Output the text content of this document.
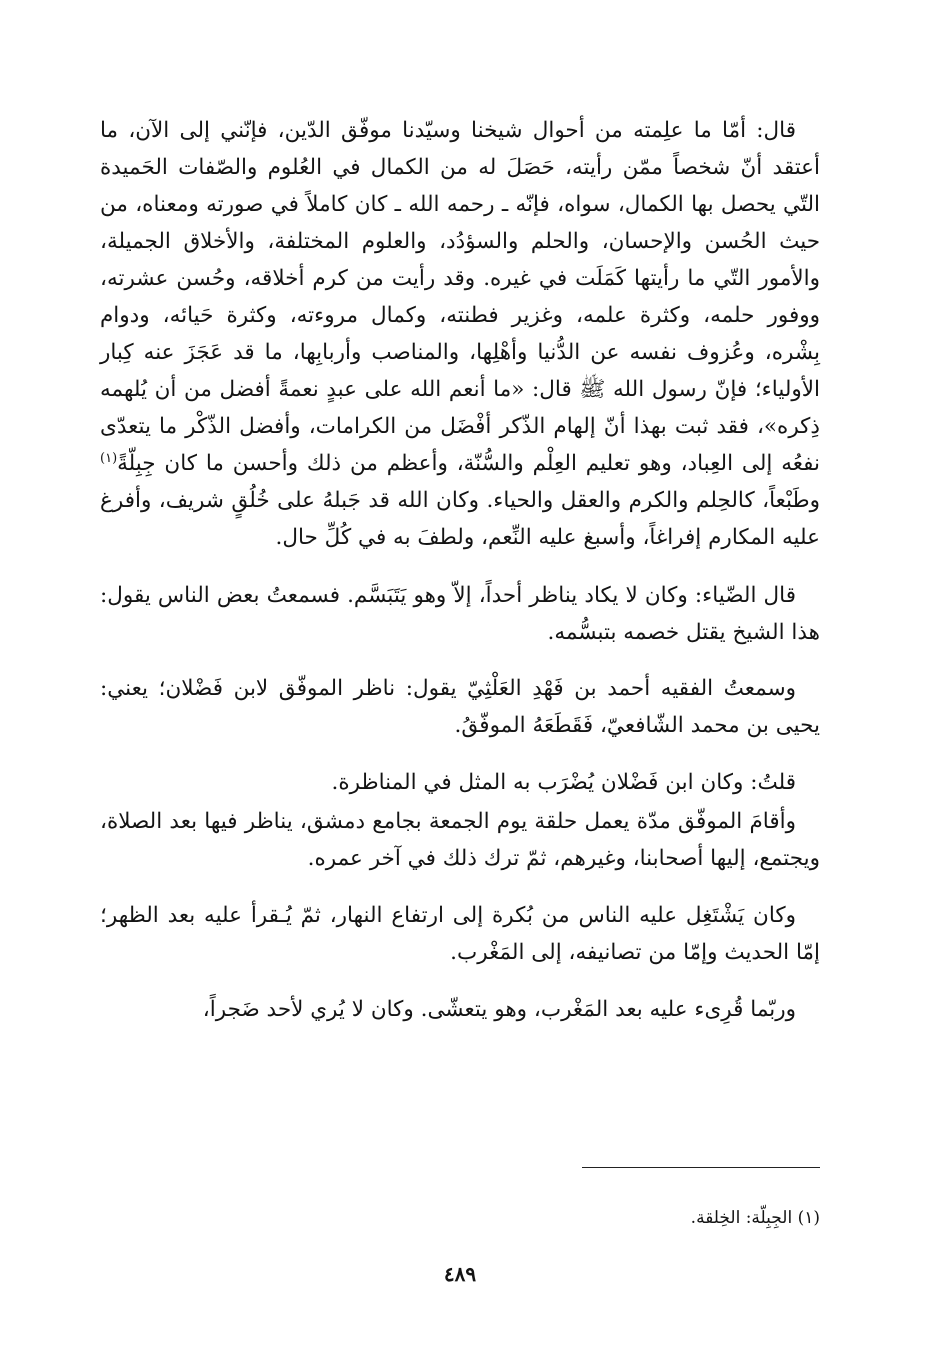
قال: أمّا ما علِمته من أحوال شيخنا وسيّدنا موفّق الدّين، فإنّني إلى الآن، ما أعتقد أنّ شخصاً ممّن رأيته، حَصَلَ له من الكمال في العُلوم والصّفات الحَميدة التّي يحصل بها الكمال، سواه، فإنّه ـ رحمه الله ـ كان كاملاً في صورته ومعناه، من حيث الحُسن والإحسان، والحلم والسؤدُد، والعلوم المختلفة، والأخلاق الجميلة، والأمور التّي ما رأيتها كَمَلَت في غيره. وقد رأيت من كرم أخلاقه، وحُسن عشرته، ووفور حلمه، وكثرة علمه، وغزير فطنته، وكمال مروءته، وكثرة حَيائه، ودوام بِشْره، وعُزوف نفسه عن الدُّنيا وأهْلِها، والمناصب وأربابِها، ما قد عَجَزَ عنه كِبار الأولياء؛ فإنّ رسول الله ﷺ قال: «ما أنعم الله على عبدٍ نعمةً أفضل من أن يُلهمه ذِكره»، فقد ثبت بهذا أنّ إلهام الذّكر أفْضَل من الكرامات، وأفضل الذّكْر ما يتعدّى نفعُه إلى العِباد، وهو تعليم العِلْم والسُّنّة، وأعظم من ذلك وأحسن ما كان جِبِلّةً$^{(١)}$ وطَبْعاً، كالحِلم والكرم والعقل والحياء. وكان الله قد جَبلهُ على خُلُقٍ شريف، وأفرغ عليه المكارم إفراغاً، وأسبغ عليه النِّعم، ولطفَ به في كُلِّ حال.

قال الضّياء: وكان لا يكاد يناظر أحداً، إلاّ وهو يَتَبَسَّم. فسمعتُ بعض الناس يقول: هذا الشيخ يقتل خصمه بتبسُّمه.

وسمعتُ الفقيه أحمد بن فَهْدِ العَلْثِيّ يقول: ناظر الموفّق لابن فَضْلان؛ يعني: يحيى بن محمد الشّافعيّ، فَقَطَعَهُ الموفّقُ.

قلتُ: وكان ابن فَضْلان يُضْرَب به المثل في المناظرة.

وأقامَ الموفّق مدّة يعمل حلقة يوم الجمعة بجامع دمشق، يناظر فيها بعد الصلاة، ويجتمع، إليها أصحابنا، وغيرهم، ثمّ ترك ذلك في آخر عمره.

وكان يَشْتَغِل عليه الناس من بُكرة إلى ارتفاع النهار، ثمّ يُـقرأ عليه بعد الظهر؛ إمّا الحديث وإمّا من تصانيفه، إلى المَغْرب.

وربّما قُرِىء عليه بعد المَغْرب، وهو يتعشّى. وكان لا يُري لأحد ضَجراً،

(١) الجِبِلّة: الخِلقة.
٤٨٩
